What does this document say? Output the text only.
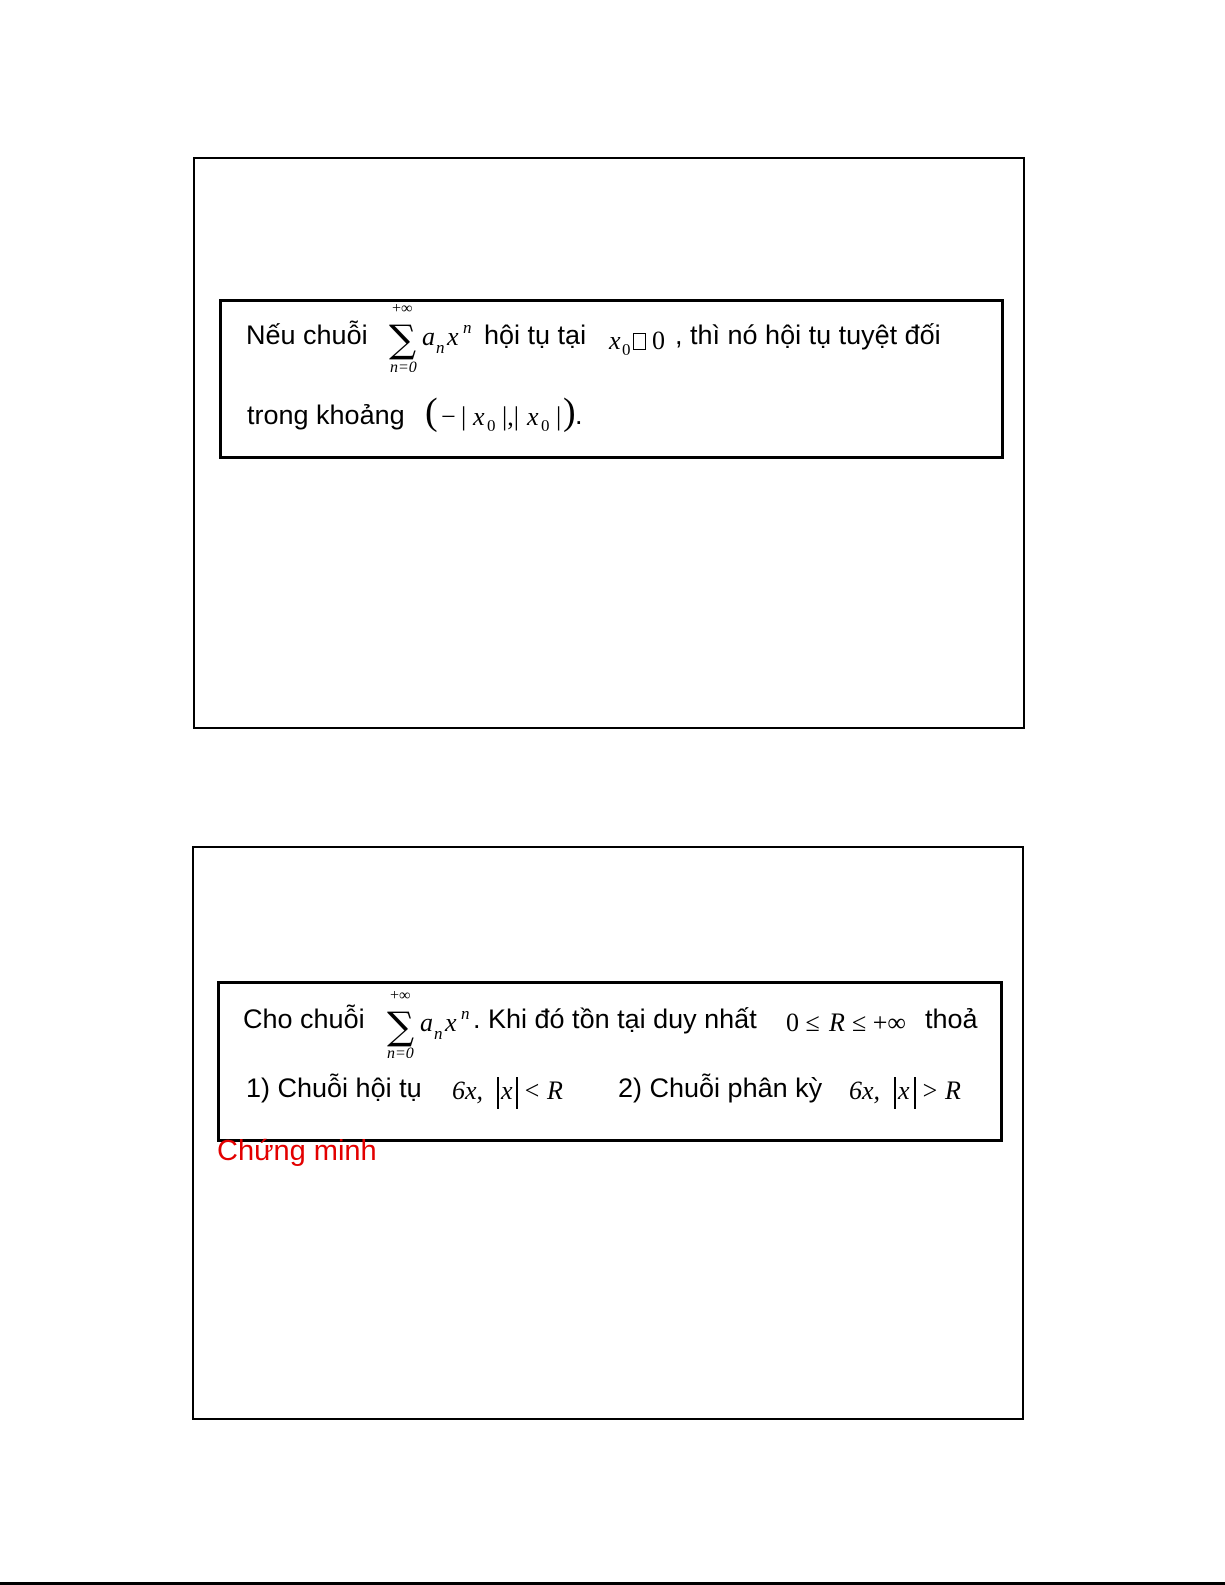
Nếu chuỗi
+∞
∑
n=0
a n x n hội tụ tại x 0 0 , thì nó hội tụ tuyệt đối
trong khoảng ( − | x 0 |,| x 0 | ) .
Cho chuỗi
+∞
∑
n=0
a n x n . Khi đó tồn tại duy nhất 0 ≤ R ≤ +∞ thoả
1) Chuỗi hội tụ 6x, x < R 2) Chuỗi phân kỳ 6x, x > R
Chứng minh
